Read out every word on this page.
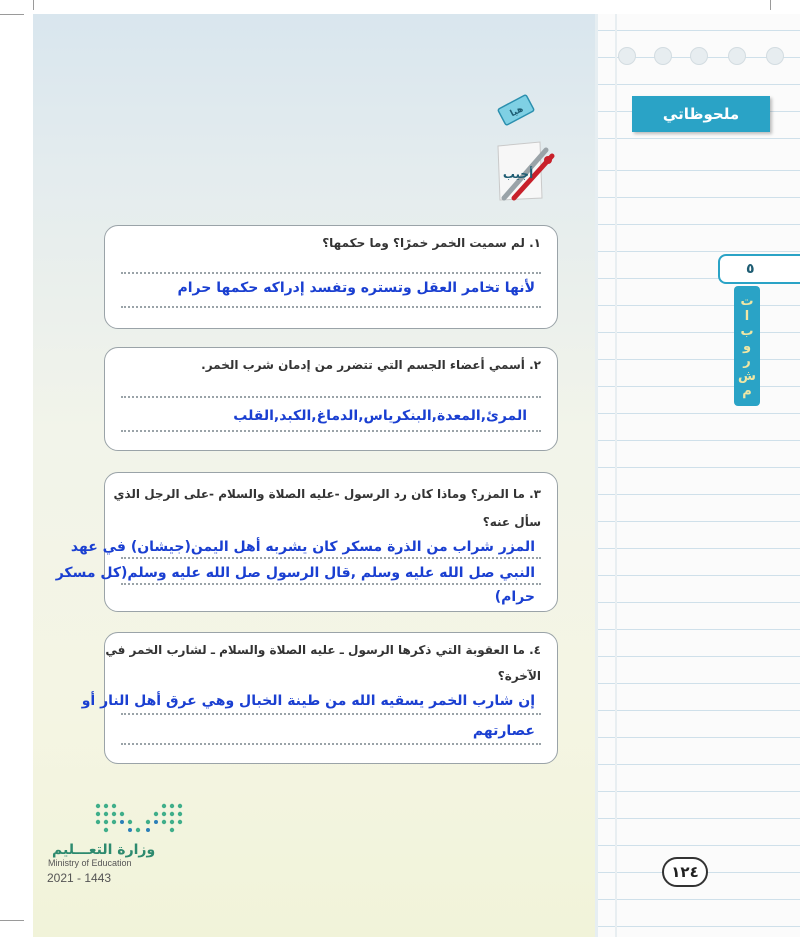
ملحوظاتي
٥
مشروبات
١٢٤
هيا
أجيب
١. لم سميت الخمر خمرًا؟ وما حكمها؟
لأنها تخامر العقل وتستره وتفسد إدراكه حكمها حرام
٢. أسمي أعضاء الجسم التي تتضرر من إدمان شرب الخمر.
المرئ,المعدة,البنكرياس,الدماغ,الكبد,القلب
٣. ما المزر؟ وماذا كان رد الرسول -عليه الصلاة والسلام -على الرجل الذي
سأل عنه؟
المزر شراب من الذرة مسكر كان يشربه أهل اليمن(جيشان) في عهد
النبي صل الله عليه وسلم ,قال الرسول صل الله عليه وسلم(كل مسكر
حرام)
٤. ما العقوبة التي ذكرها الرسول ـ عليه الصلاة والسلام ـ لشارب الخمر في
الآخرة؟
إن شارب الخمر يسقيه الله من طينة الخبال وهي عرق أهل النار أو
عصارتهم
وزارة التعـــليم
Ministry of Education
2021 - 1443
